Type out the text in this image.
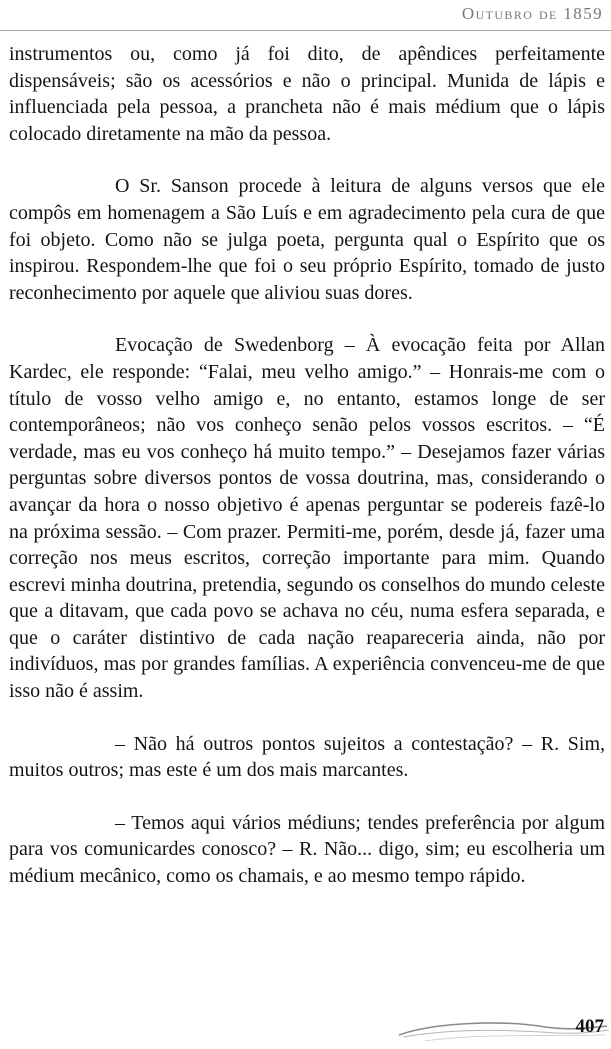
Outubro de 1859

instrumentos ou, como já foi dito, de apêndices perfeitamente dispensáveis; são os acessórios e não o principal. Munida de lápis e influenciada pela pessoa, a prancheta não é mais médium que o lápis colocado diretamente na mão da pessoa.

O Sr. Sanson procede à leitura de alguns versos que ele compôs em homenagem a São Luís e em agradecimento pela cura de que foi objeto. Como não se julga poeta, pergunta qual o Espírito que os inspirou. Respondem-lhe que foi o seu próprio Espírito, tomado de justo reconhecimento por aquele que aliviou suas dores.

Evocação de Swedenborg – À evocação feita por Allan Kardec, ele responde: “Falai, meu velho amigo.” – Honrais-me com o título de vosso velho amigo e, no entanto, estamos longe de ser contemporâneos; não vos conheço senão pelos vossos escritos. – “É verdade, mas eu vos conheço há muito tempo.” – Desejamos fazer várias perguntas sobre diversos pontos de vossa doutrina, mas, considerando o avançar da hora o nosso objetivo é apenas perguntar se podereis fazê-lo na próxima sessão. – Com prazer. Permiti-me, porém, desde já, fazer uma correção nos meus escritos, correção importante para mim. Quando escrevi minha doutrina, pretendia, segundo os conselhos do mundo celeste que a ditavam, que cada povo se achava no céu, numa esfera separada, e que o caráter distintivo de cada nação reapareceria ainda, não por indivíduos, mas por grandes famílias. A experiência convenceu-me de que isso não é assim.

– Não há outros pontos sujeitos a contestação? – R. Sim, muitos outros; mas este é um dos mais marcantes.

– Temos aqui vários médiuns; tendes preferência por algum para vos comunicardes conosco? – R. Não... digo, sim; eu escolheria um médium mecânico, como os chamais, e ao mesmo tempo rápido.

407
